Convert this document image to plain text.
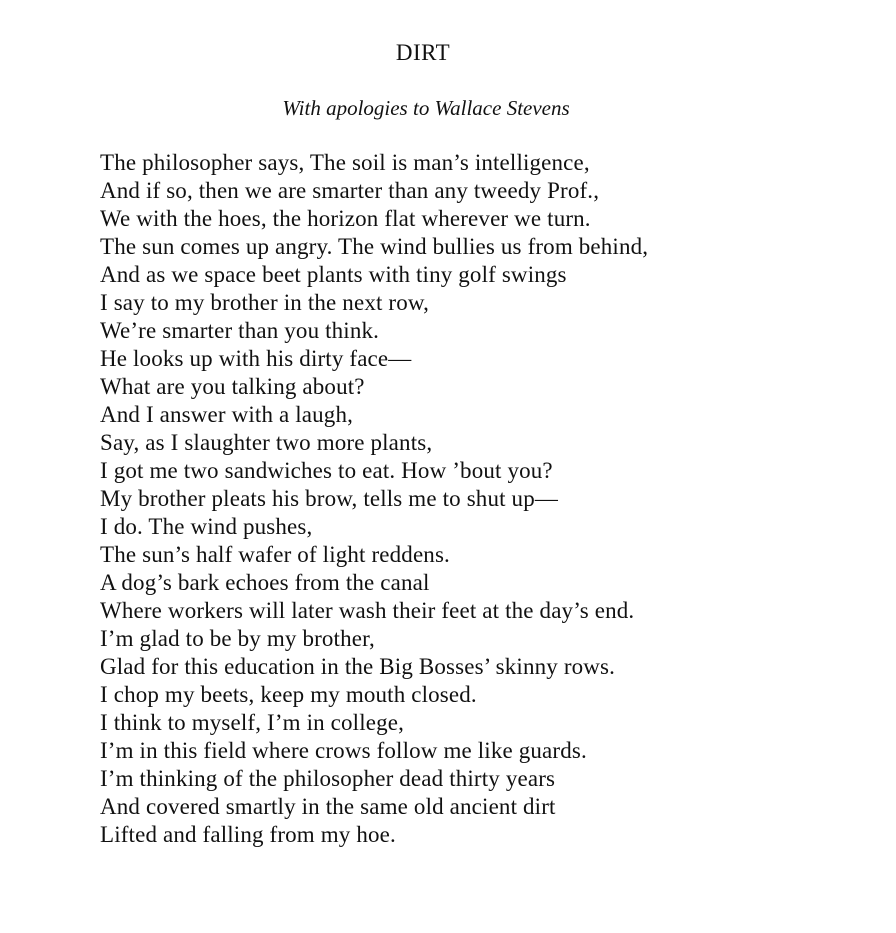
DIRT
With apologies to Wallace Stevens
The philosopher says, The soil is man’s intelligence,
And if so, then we are smarter than any tweedy Prof.,
We with the hoes, the horizon flat wherever we turn.
The sun comes up angry. The wind bullies us from behind,
And as we space beet plants with tiny golf swings
I say to my brother in the next row,
We’re smarter than you think.
He looks up with his dirty face—
What are you talking about?
And I answer with a laugh,
Say, as I slaughter two more plants,
I got me two sandwiches to eat. How ’bout you?
My brother pleats his brow, tells me to shut up—
I do. The wind pushes,
The sun’s half wafer of light reddens.
A dog’s bark echoes from the canal
Where workers will later wash their feet at the day’s end.
I’m glad to be by my brother,
Glad for this education in the Big Bosses’ skinny rows.
I chop my beets, keep my mouth closed.
I think to myself, I’m in college,
I’m in this field where crows follow me like guards.
I’m thinking of the philosopher dead thirty years
And covered smartly in the same old ancient dirt
Lifted and falling from my hoe.
